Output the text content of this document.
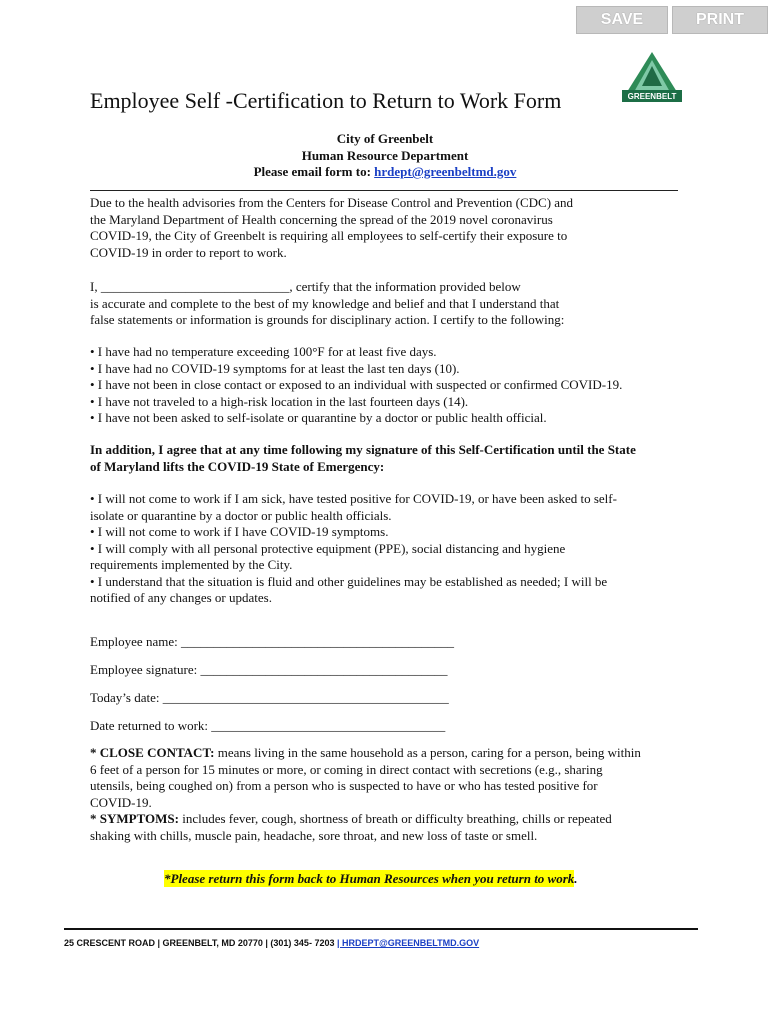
SAVE	PRINT
GREENBELT
Employee Self -Certification to Return to Work Form
City of Greenbelt
Human Resource Department
Please email form to: hrdept@greenbeltmd.gov

Due to the health advisories from the Centers for Disease Control and Prevention (CDC) and

the Maryland Department of Health concerning the spread of the 2019 novel coronavirus

COVID-19, the City of Greenbelt is requiring all employees to self-certify their exposure to

COVID-19 in order to report to work.

I, _____________________________, certify that the information provided below

is accurate and complete to the best of my knowledge and belief and that I understand that

false statements or information is grounds for disciplinary action. I certify to the following:

• I have had no temperature exceeding 100°F for at least five days.

• I have had no COVID-19 symptoms for at least the last ten days (10).

• I have not been in close contact or exposed to an individual with suspected or confirmed COVID-19.

• I have not traveled to a high-risk location in the last fourteen days (14).

• I have not been asked to self-isolate or quarantine by a doctor or public health official.

In addition, I agree that at any time following my signature of this Self-Certification until the State

of Maryland lifts the COVID-19 State of Emergency:

• I will not come to work if I am sick, have tested positive for COVID-19, or have been asked to self-

isolate or quarantine by a doctor or public health officials.

• I will not come to work if I have COVID-19 symptoms.

• I will comply with all personal protective equipment (PPE), social distancing and hygiene

requirements implemented by the City.

• I understand that the situation is fluid and other guidelines may be established as needed; I will be

notified of any changes or updates.

Employee name: __________________________________________
Employee signature: ______________________________________
Today’s date: ____________________________________________
Date returned to work: ____________________________________

* CLOSE CONTACT: means living in the same household as a person, caring for a person, being within

6 feet of a person for 15 minutes or more, or coming in direct contact with secretions (e.g., sharing

utensils, being coughed on) from a person who is suspected to have or who has tested positive for

COVID-19.

* SYMPTOMS: includes fever, cough, shortness of breath or difficulty breathing, chills or repeated

shaking with chills, muscle pain, headache, sore throat, and new loss of taste or smell.

*Please return this form back to Human Resources when you return to work.
25 CRESCENT ROAD | GREENBELT, MD 20770 | (301) 345- 7203 | HRDEPT@GREENBELTMD.GOV
